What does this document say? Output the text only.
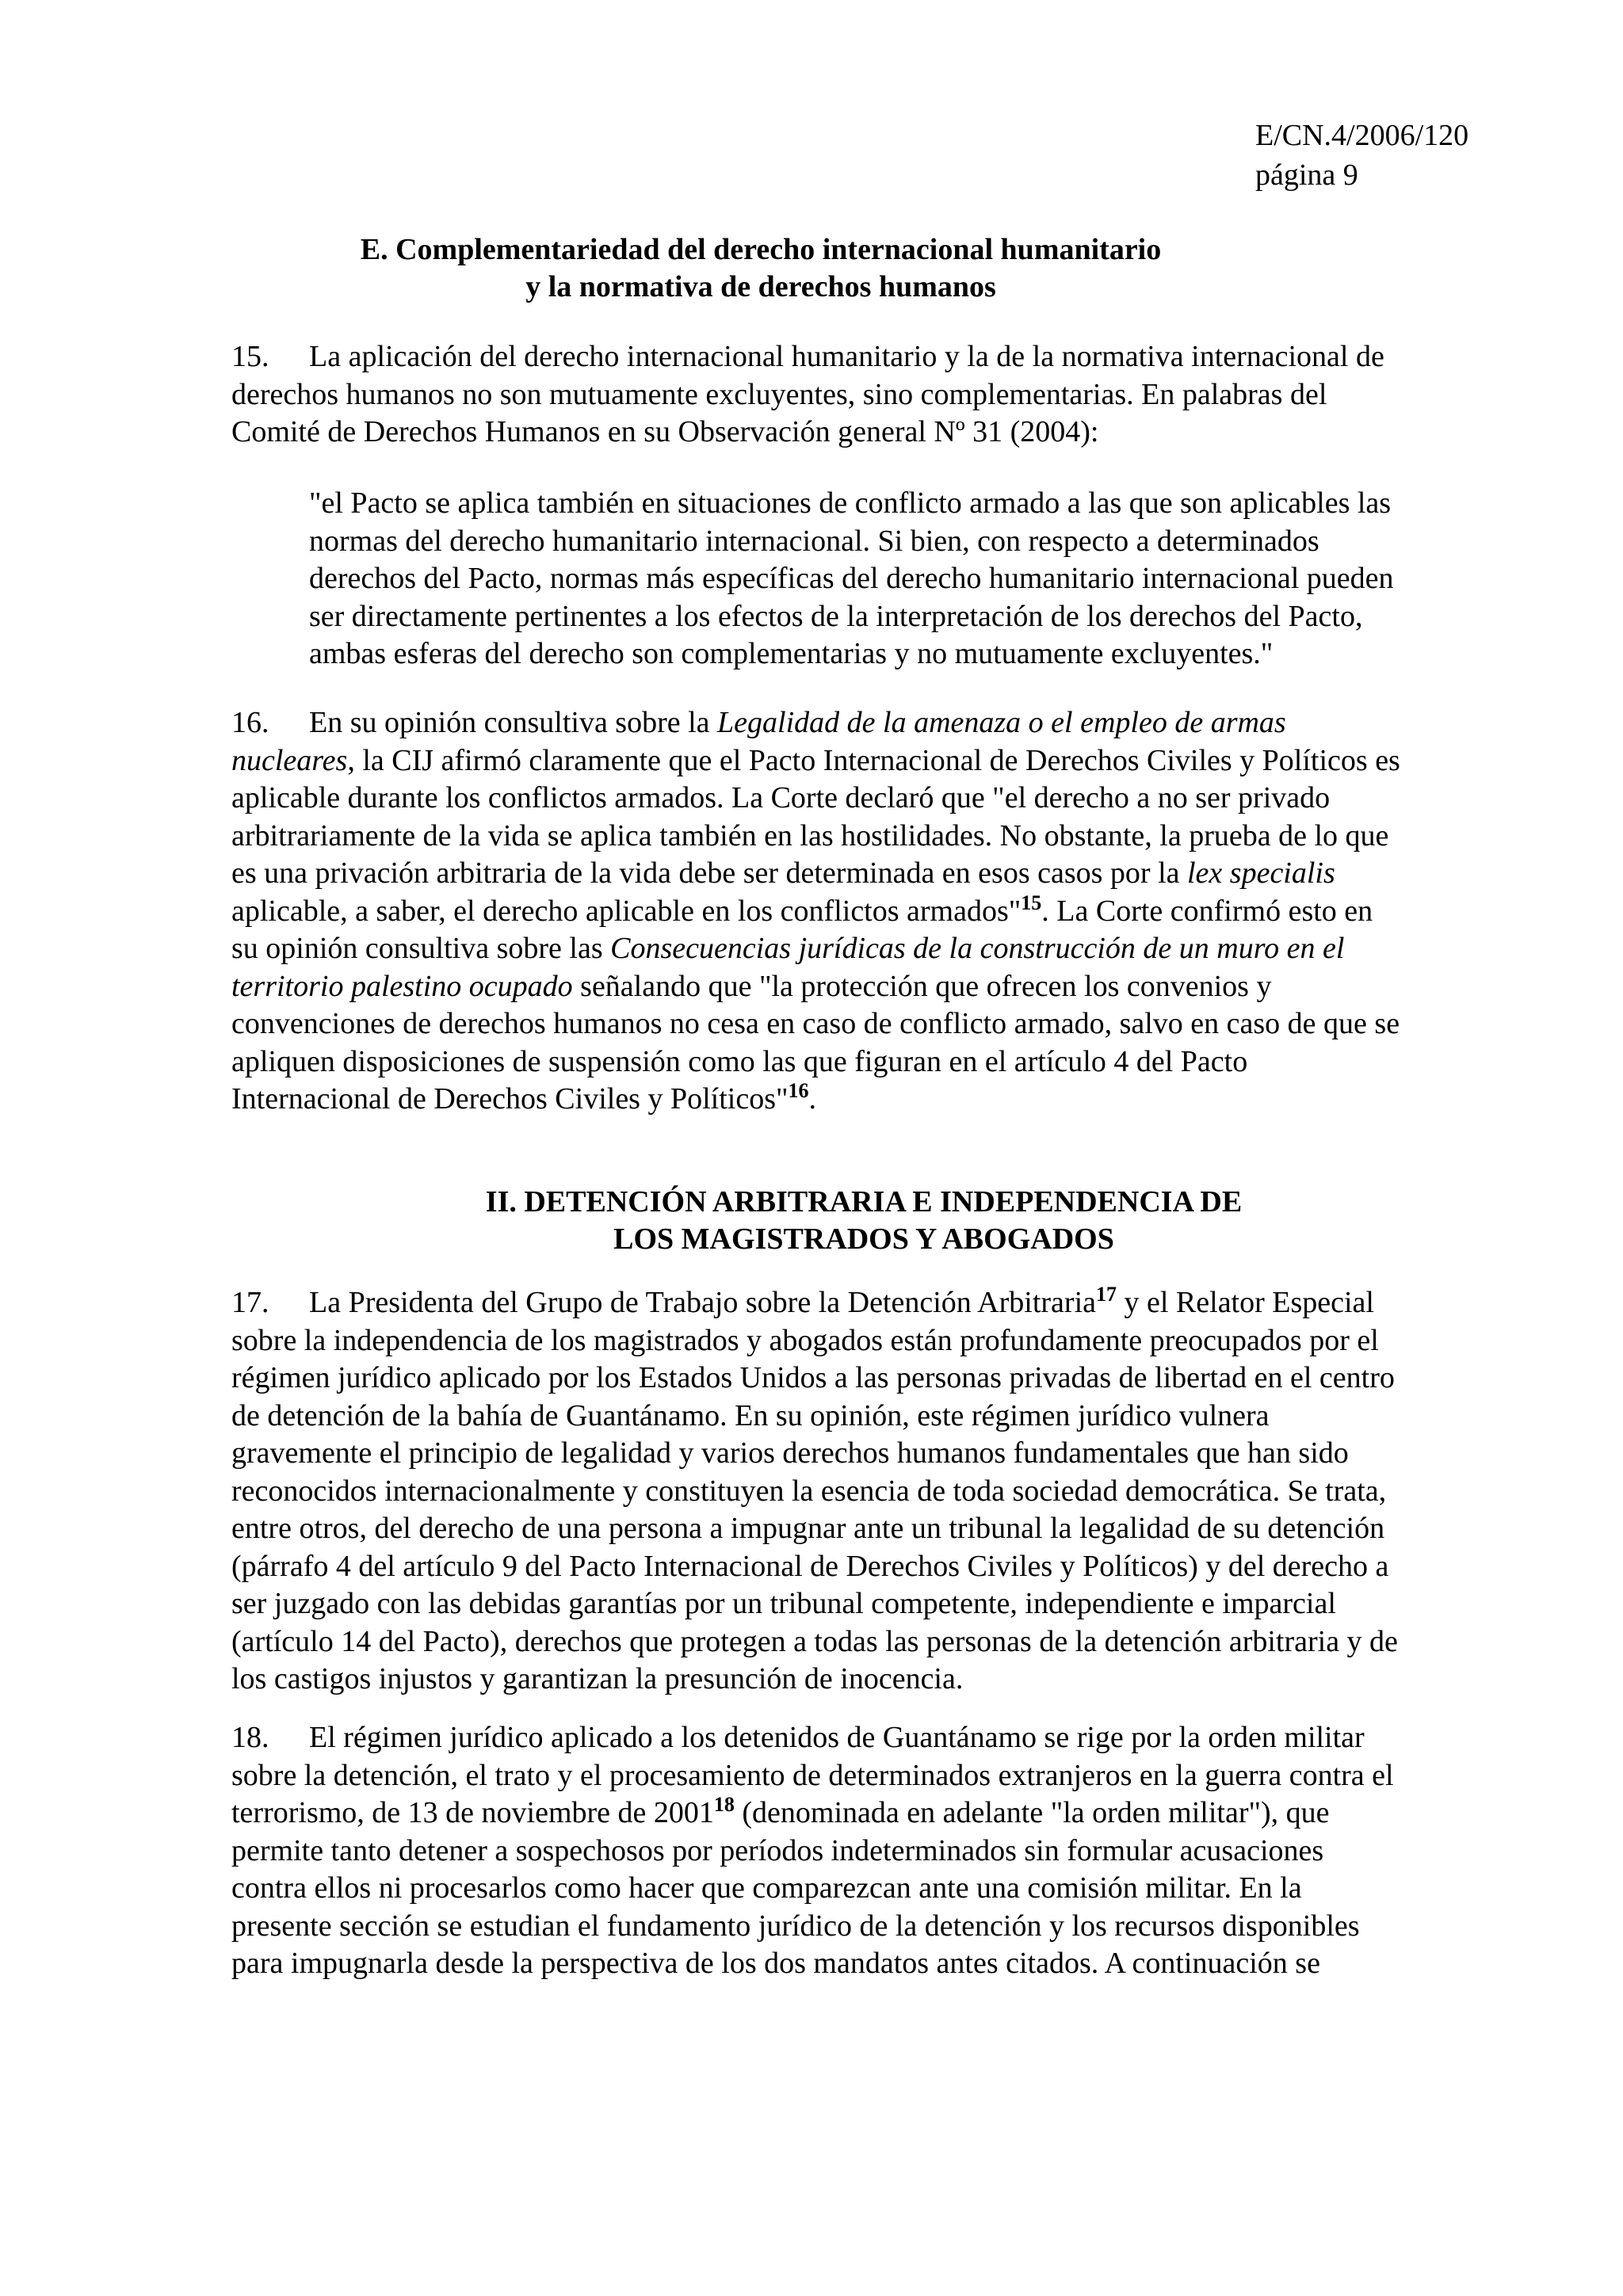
E/CN.4/2006/120
página 9
E. Complementariedad del derecho internacional humanitario
y la normativa de derechos humanos
15. La aplicación del derecho internacional humanitario y la de la normativa internacional de
derechos humanos no son mutuamente excluyentes, sino complementarias. En palabras del
Comité de Derechos Humanos en su Observación general Nº 31 (2004):
"el Pacto se aplica también en situaciones de conflicto armado a las que son aplicables las
normas del derecho humanitario internacional. Si bien, con respecto a determinados
derechos del Pacto, normas más específicas del derecho humanitario internacional pueden
ser directamente pertinentes a los efectos de la interpretación de los derechos del Pacto,
ambas esferas del derecho son complementarias y no mutuamente excluyentes."
16. En su opinión consultiva sobre la Legalidad de la amenaza o el empleo de armas
nucleares, la CIJ afirmó claramente que el Pacto Internacional de Derechos Civiles y Políticos es
aplicable durante los conflictos armados. La Corte declaró que "el derecho a no ser privado
arbitrariamente de la vida se aplica también en las hostilidades. No obstante, la prueba de lo que
es una privación arbitraria de la vida debe ser determinada en esos casos por la lex specialis
aplicable, a saber, el derecho aplicable en los conflictos armados"$^{15}$. La Corte confirmó esto en
su opinión consultiva sobre las Consecuencias jurídicas de la construcción de un muro en el
territorio palestino ocupado señalando que "la protección que ofrecen los convenios y
convenciones de derechos humanos no cesa en caso de conflicto armado, salvo en caso de que se
apliquen disposiciones de suspensión como las que figuran en el artículo 4 del Pacto
Internacional de Derechos Civiles y Políticos"$^{16}$.
II. DETENCIÓN ARBITRARIA E INDEPENDENCIA DE
LOS MAGISTRADOS Y ABOGADOS
17. La Presidenta del Grupo de Trabajo sobre la Detención Arbitraria$^{17}$ y el Relator Especial
sobre la independencia de los magistrados y abogados están profundamente preocupados por el
régimen jurídico aplicado por los Estados Unidos a las personas privadas de libertad en el centro
de detención de la bahía de Guantánamo. En su opinión, este régimen jurídico vulnera
gravemente el principio de legalidad y varios derechos humanos fundamentales que han sido
reconocidos internacionalmente y constituyen la esencia de toda sociedad democrática. Se trata,
entre otros, del derecho de una persona a impugnar ante un tribunal la legalidad de su detención
(párrafo 4 del artículo 9 del Pacto Internacional de Derechos Civiles y Políticos) y del derecho a
ser juzgado con las debidas garantías por un tribunal competente, independiente e imparcial
(artículo 14 del Pacto), derechos que protegen a todas las personas de la detención arbitraria y de
los castigos injustos y garantizan la presunción de inocencia.
18. El régimen jurídico aplicado a los detenidos de Guantánamo se rige por la orden militar
sobre la detención, el trato y el procesamiento de determinados extranjeros en la guerra contra el
terrorismo, de 13 de noviembre de 2001$^{18}$ (denominada en adelante "la orden militar"), que
permite tanto detener a sospechosos por períodos indeterminados sin formular acusaciones
contra ellos ni procesarlos como hacer que comparezcan ante una comisión militar. En la
presente sección se estudian el fundamento jurídico de la detención y los recursos disponibles
para impugnarla desde la perspectiva de los dos mandatos antes citados. A continuación se
